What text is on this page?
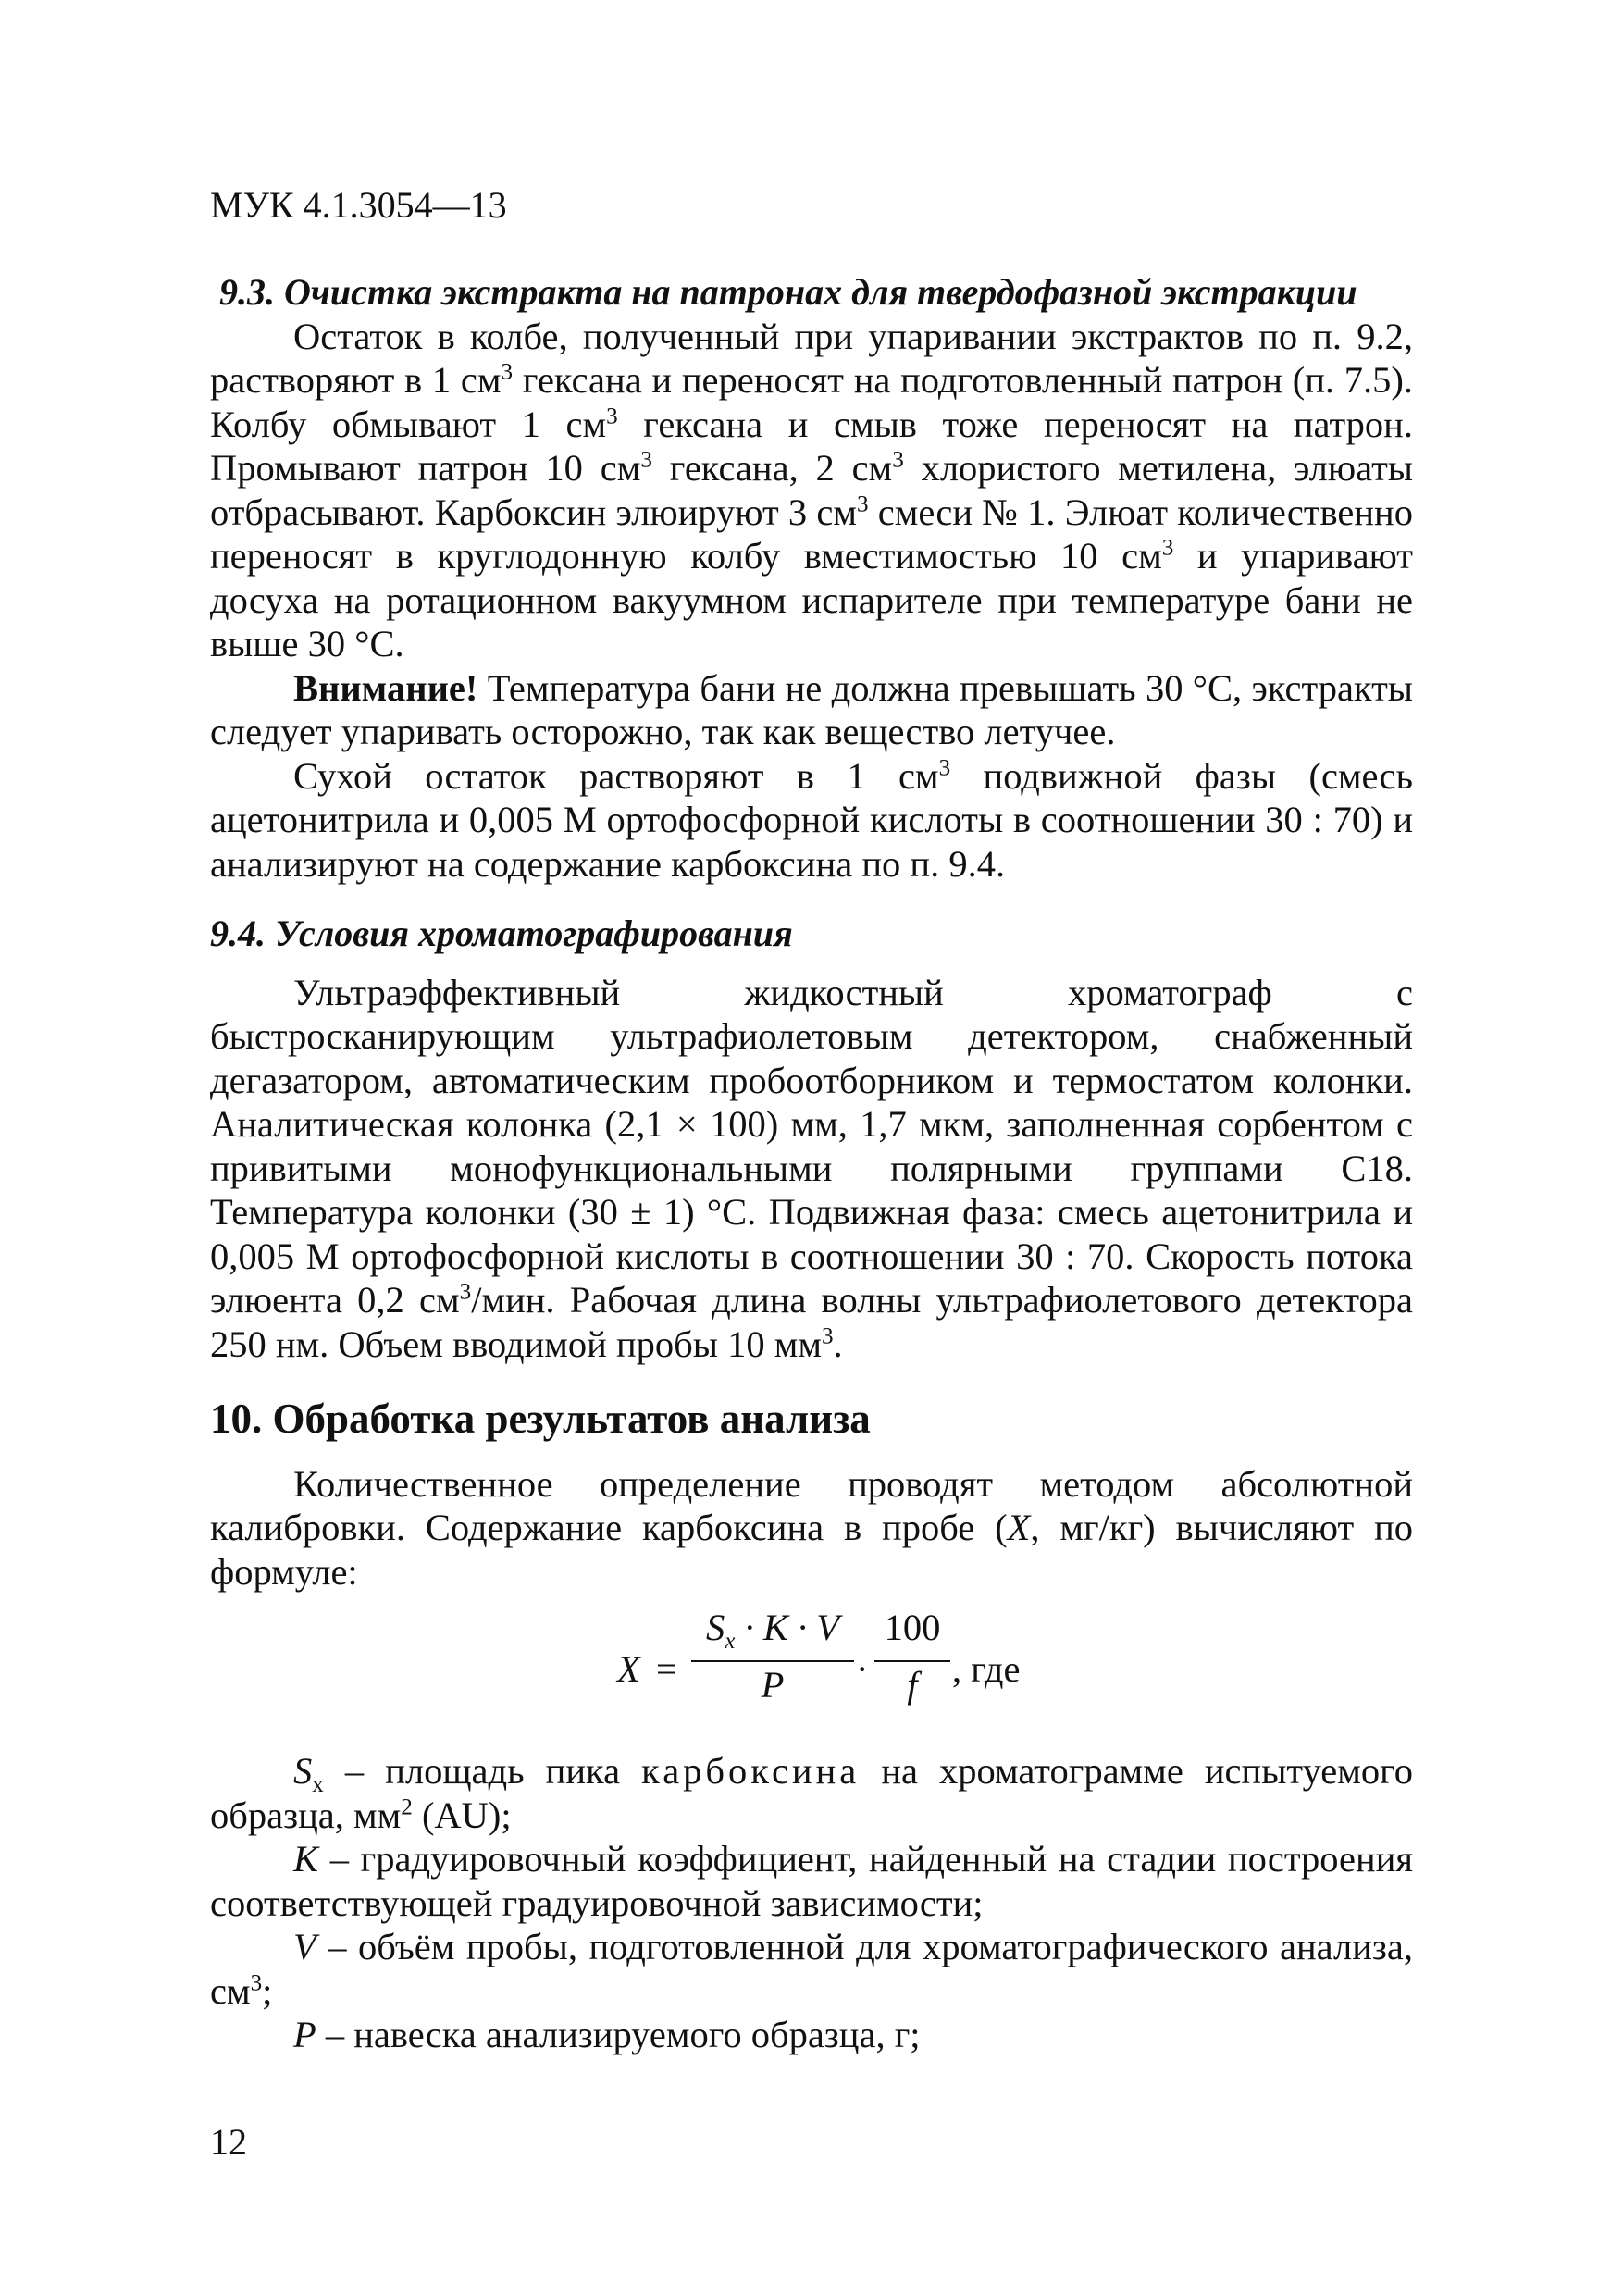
МУК 4.1.3054—13

9.3. Очистка экстракта на патронах для твердофазной экстракции

Остаток в колбе, полученный при упаривании экстрактов по п. 9.2, растворяют в 1 $см^3$ гексана и переносят на подготовленный патрон (п. 7.5). Колбу обмывают 1 $см^3$ гексана и смыв тоже переносят на патрон. Промывают патрон 10 $см^3$ гексана, 2 $см^3$ хлористого метилена, элюаты отбрасывают. Карбоксин элюируют 3 $см^3$ смеси № 1. Элюат количественно переносят в круглодонную колбу вместимостью 10 $см^3$ и упаривают досуха на ротационном вакуумном испарителе при температуре бани не выше 30 °С.

Внимание! Температура бани не должна превышать 30 °С, экстракты следует упаривать осторожно, так как вещество летучее.

Сухой остаток растворяют в 1 $см^3$ подвижной фазы (смесь ацетонитрила и 0,005 М ортофосфорной кислоты в соотношении 30 : 70) и анализируют на содержание карбоксина по п. 9.4.

9.4. Условия хроматографирования

Ультраэффективный жидкостный хроматограф с быстросканирующим ультрафиолетовым детектором, снабженный дегазатором, автоматическим пробоотборником и термостатом колонки. Аналитическая колонка (2,1 × 100) мм, 1,7 мкм, заполненная сорбентом с привитыми монофункциональными полярными группами С18. Температура колонки (30 ± 1) °С. Подвижная фаза: смесь ацетонитрила и 0,005 М ортофосфорной кислоты в соотношении 30 : 70. Скорость потока элюента 0,2 $см^3$/мин. Рабочая длина волны ультрафиолетового детектора 250 нм. Объем вводимой пробы 10 $мм^3$.

10. Обработка результатов анализа

Количественное определение проводят методом абсолютной калибровки. Содержание карбоксина в пробе (X, мг/кг) вычисляют по формуле:

X =
$S_x \cdot K \cdot V$
P	·
100
f , где

$S_x$ – площадь пика карбоксина на хроматограмме испытуемого образца, $мм^2$ (AU);

K – градуировочный коэффициент, найденный на стадии построения соответствующей градуировочной зависимости;

V – объём пробы, подготовленной для хроматографического анализа, $см^3$;

P – навеска анализируемого образца, г;

12
